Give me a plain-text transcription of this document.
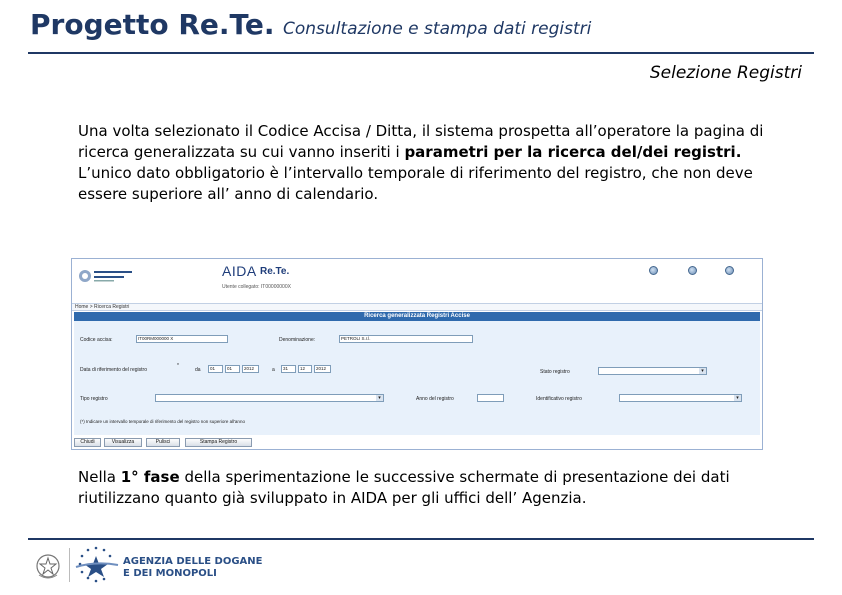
Progetto Re.Te. Consultazione e stampa dati registri
Selezione Registri
Una volta selezionato il Codice Accisa / Ditta, il sistema prospetta all’operatore la pagina di ricerca generalizzata su cui vanno inseriti i parametri per la ricerca del/dei registri.
L’unico dato obbligatorio è l’intervallo temporale di riferimento del registro, che non deve essere superiore all’ anno di calendario.
AIDA Re.Te.
Utente collegato: IT00000000X
Home > Ricerca Registri
Ricerca generalizzata Registri Accise
Codice accisa:	IT00RM000000 X	Denominazione:	PETROLI S.r.l.
Data di riferimento del registro
*
da	01	01	2012	a	31	12	2012
Stato registro
▾
Tipo registro
▾	Anno del registro	Identificativo registro
▾
(*) Indicare un intervallo temporale di riferimento del registro non superiore all'anno
Chiudi	Visualizza	Pulisci	Stampa Registro
Nella 1° fase della sperimentazione le successive schermate di presentazione dei dati riutilizzano quanto già sviluppato in AIDA per gli uffici dell’ Agenzia.
AGENZIA DELLE DOGANE
E DEI MONOPOLI
